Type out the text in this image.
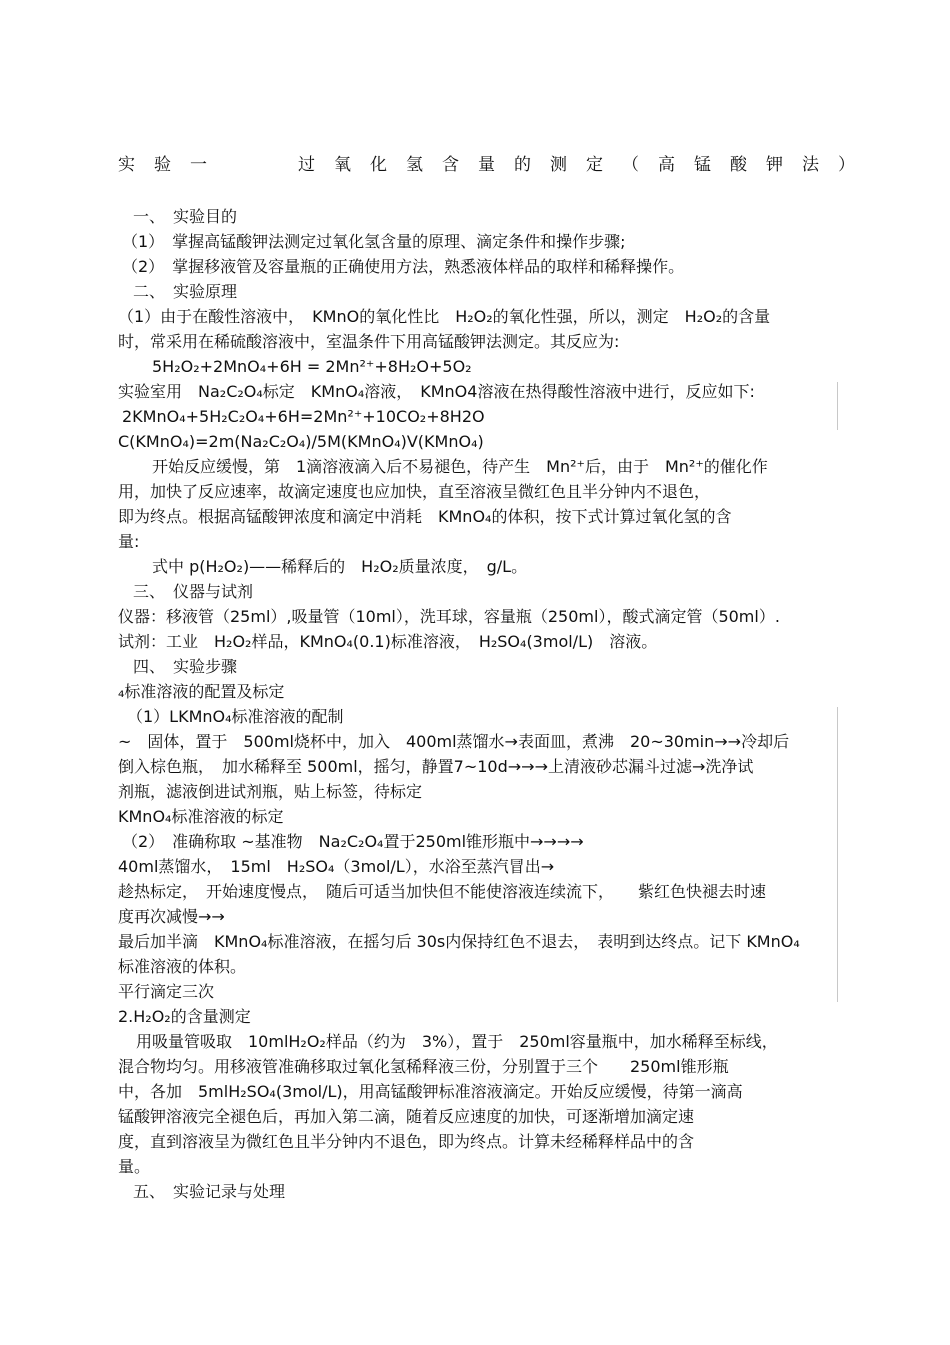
实验一　　过氧化氢含量的测定（高锰酸钾法）
一、　实验目的
（1）　掌握高锰酸钾法测定过氧化氢含量的原理、滴定条件和操作步骤;
（2）　掌握移液管及容量瓶的正确使用方法，熟悉液体样品的取样和稀释操作。
二、　实验原理
（1）由于在酸性溶液中，　KMnO的氧化性比　H₂O₂的氧化性强，所以，测定　H₂O₂的含量
时，常采用在稀硫酸溶液中，室温条件下用高锰酸钾法测定。其反应为:
5H₂O₂+2MnO₄+6H = 2Mn²⁺+8H₂O+5O₂
实验室用　Na₂C₂O₄标定　KMnO₄溶液，　KMnO4溶液在热得酸性溶液中进行，反应如下:
2KMnO₄+5H₂C₂O₄+6H=2Mn²⁺+10CO₂+8H2O
C(KMnO₄)=2m(Na₂C₂O₄)/5M(KMnO₄)V(KMnO₄)
开始反应缓慢，第　1滴溶液滴入后不易褪色，待产生　Mn²⁺后，由于　Mn²⁺的催化作
用，加快了反应速率，故滴定速度也应加快，直至溶液呈微红色且半分钟内不退色，
即为终点。根据高锰酸钾浓度和滴定中消耗　KMnO₄的体积，按下式计算过氧化氢的含
量:
式中 p(H₂O₂)——稀释后的　H₂O₂质量浓度，　g/L。
三、　仪器与试剂
仪器：移液管（25ml）,吸量管（10ml），洗耳球，容量瓶（250ml），酸式滴定管（50ml）.
试剂：工业　H₂O₂样品，KMnO₄(0.1)标准溶液，　H₂SO₄(3mol/L)　溶液。
四、　实验步骤
₄标准溶液的配置及标定
（1）LKMnO₄标准溶液的配制
~　固体，置于　500ml烧杯中，加入　400ml蒸馏水→表面皿，煮沸　20~30min→→冷却后
倒入棕色瓶，　加水稀释至 500ml，摇匀，静置7~10d→→→上清液砂芯漏斗过滤→洗净试
剂瓶，滤液倒进试剂瓶，贴上标签，待标定
KMnO₄标准溶液的标定
（2）　准确称取 ~基准物　Na₂C₂O₄置于250ml锥形瓶中→→→→
40ml蒸馏水，　15ml　H₂SO₄（3mol/L），水浴至蒸汽冒出→
趁热标定，　开始速度慢点，　随后可适当加快但不能使溶液连续流下，　　紫红色快褪去时速
度再次减慢→→
最后加半滴　KMnO₄标准溶液，在摇匀后 30s内保持红色不退去，　表明到达终点。记下 KMnO₄
标准溶液的体积。
平行滴定三次
2.H₂O₂的含量测定
用吸量管吸取　10mlH₂O₂样品（约为　3%），置于　250ml容量瓶中，加水稀释至标线，
混合物均匀。用移液管准确移取过氧化氢稀释液三份，分别置于三个　　250ml锥形瓶
中，各加　5mlH₂SO₄(3mol/L)，用高锰酸钾标准溶液滴定。开始反应缓慢，待第一滴高
锰酸钾溶液完全褪色后，再加入第二滴，随着反应速度的加快，可逐渐增加滴定速
度，直到溶液呈为微红色且半分钟内不退色，即为终点。计算未经稀释样品中的含
量。
五、　实验记录与处理
